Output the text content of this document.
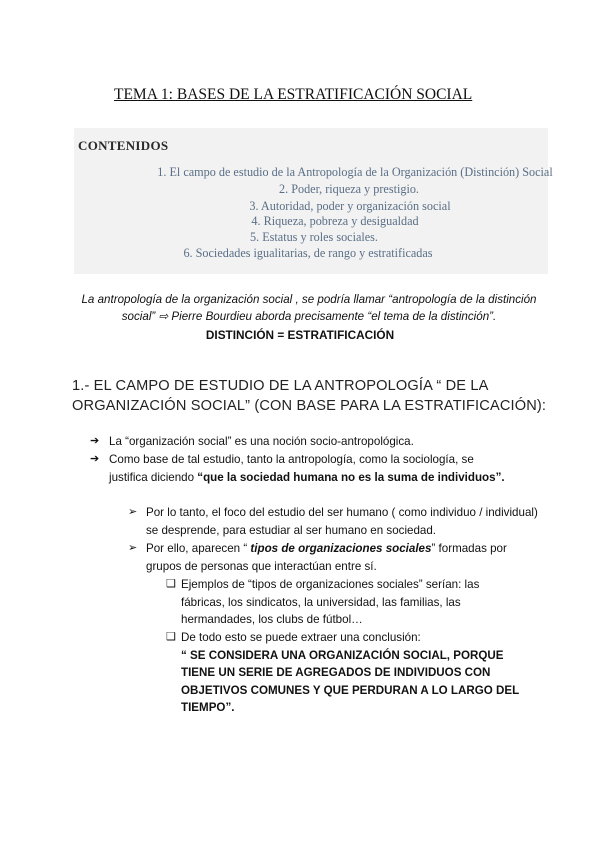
TEMA 1: BASES DE LA ESTRATIFICACIÓN SOCIAL
CONTENIDOS
1. El campo de estudio de la Antropología de la Organización (Distinción) Social
2. Poder, riqueza y prestigio.
3. Autoridad, poder y organización social
4. Riqueza, pobreza y desigualdad
5. Estatus y roles sociales.
6. Sociedades igualitarias, de rango y estratificadas
La antropología de la organización social , se podría llamar “antropología de la distinción social” ⇨ Pierre Bourdieu aborda precisamente “el tema de la distinción”.
DISTINCIÓN = ESTRATIFICACIÓN
1.- EL CAMPO DE ESTUDIO DE LA ANTROPOLOGÍA “ DE LA ORGANIZACIÓN SOCIAL” (CON BASE PARA LA ESTRATIFICACIÓN):
➔ La “organización social” es una noción socio-antropológica.
➔ Como base de tal estudio, tanto la antropología, como la sociología, se justifica diciendo “que la sociedad humana no es la suma de individuos”.
➢ Por lo tanto, el foco del estudio del ser humano ( como individuo / individual) se desprende, para estudiar al ser humano en sociedad.
➢ Por ello, aparecen “ tipos de organizaciones sociales” formadas por grupos de personas que interactúan entre sí.
❑ Ejemplos de “tipos de organizaciones sociales” serían: las fábricas, los sindicatos, la universidad, las familias, las hermandades, los clubs de fútbol…
❑ De todo esto se puede extraer una conclusión:
“ SE CONSIDERA UNA ORGANIZACIÓN SOCIAL, PORQUE TIENE UN SERIE DE AGREGADOS DE INDIVIDUOS CON OBJETIVOS COMUNES Y QUE PERDURAN A LO LARGO DEL TIEMPO”.
